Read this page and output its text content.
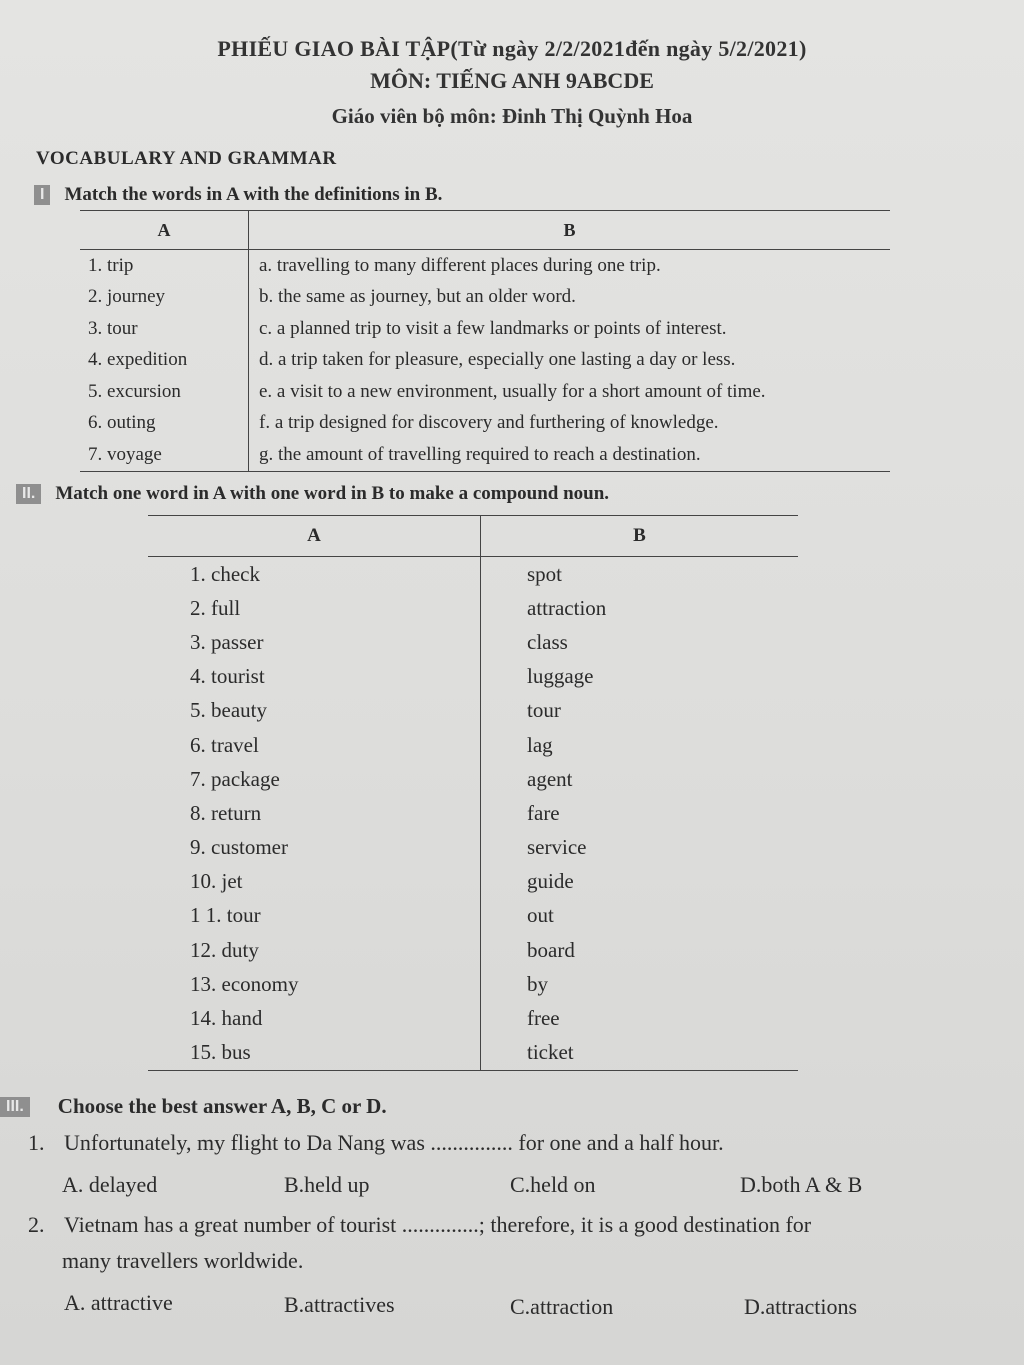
PHIẾU GIAO BÀI TẬP(Từ ngày 2/2/2021đến ngày 5/2/2021)
MÔN: TIẾNG ANH 9ABCDE
Giáo viên bộ môn: Đinh Thị Quỳnh Hoa
VOCABULARY AND GRAMMAR
I	Match the words in A with the definitions in B.
A	B
1. trip	a. travelling to many different places during one trip.
2. journey	b. the same as journey, but an older word.
3. tour	c. a planned trip to visit a few landmarks or points of interest.
4. expedition	d. a trip taken for pleasure, especially one lasting a day or less.
5. excursion	e. a visit to a new environment, usually for a short amount of time.
6. outing	f. a trip designed for discovery and furthering of knowledge.
7. voyage	g. the amount of travelling required to reach a destination.
II.	Match one word in A with one word in B to make a compound noun.
A	B
1. check	spot
2. full	attraction
3. passer	class
4. tourist	luggage
5. beauty	tour
6. travel	lag
7. package	agent
8. return	fare
9. customer	service
10. jet	guide
1 1. tour	out
12. duty	board
13. economy	by
14. hand	free
15. bus	ticket
III. Choose the best answer A, B, C or D.
1. Unfortunately, my flight to Da Nang was ............... for one and a half hour.
A. delayed	B.held up	C.held on	D.both A & B
2. Vietnam has a great number of tourist ..............; therefore, it is a good destination for
many travellers worldwide.
A. attractive	B.attractives	C.attraction	D.attractions
